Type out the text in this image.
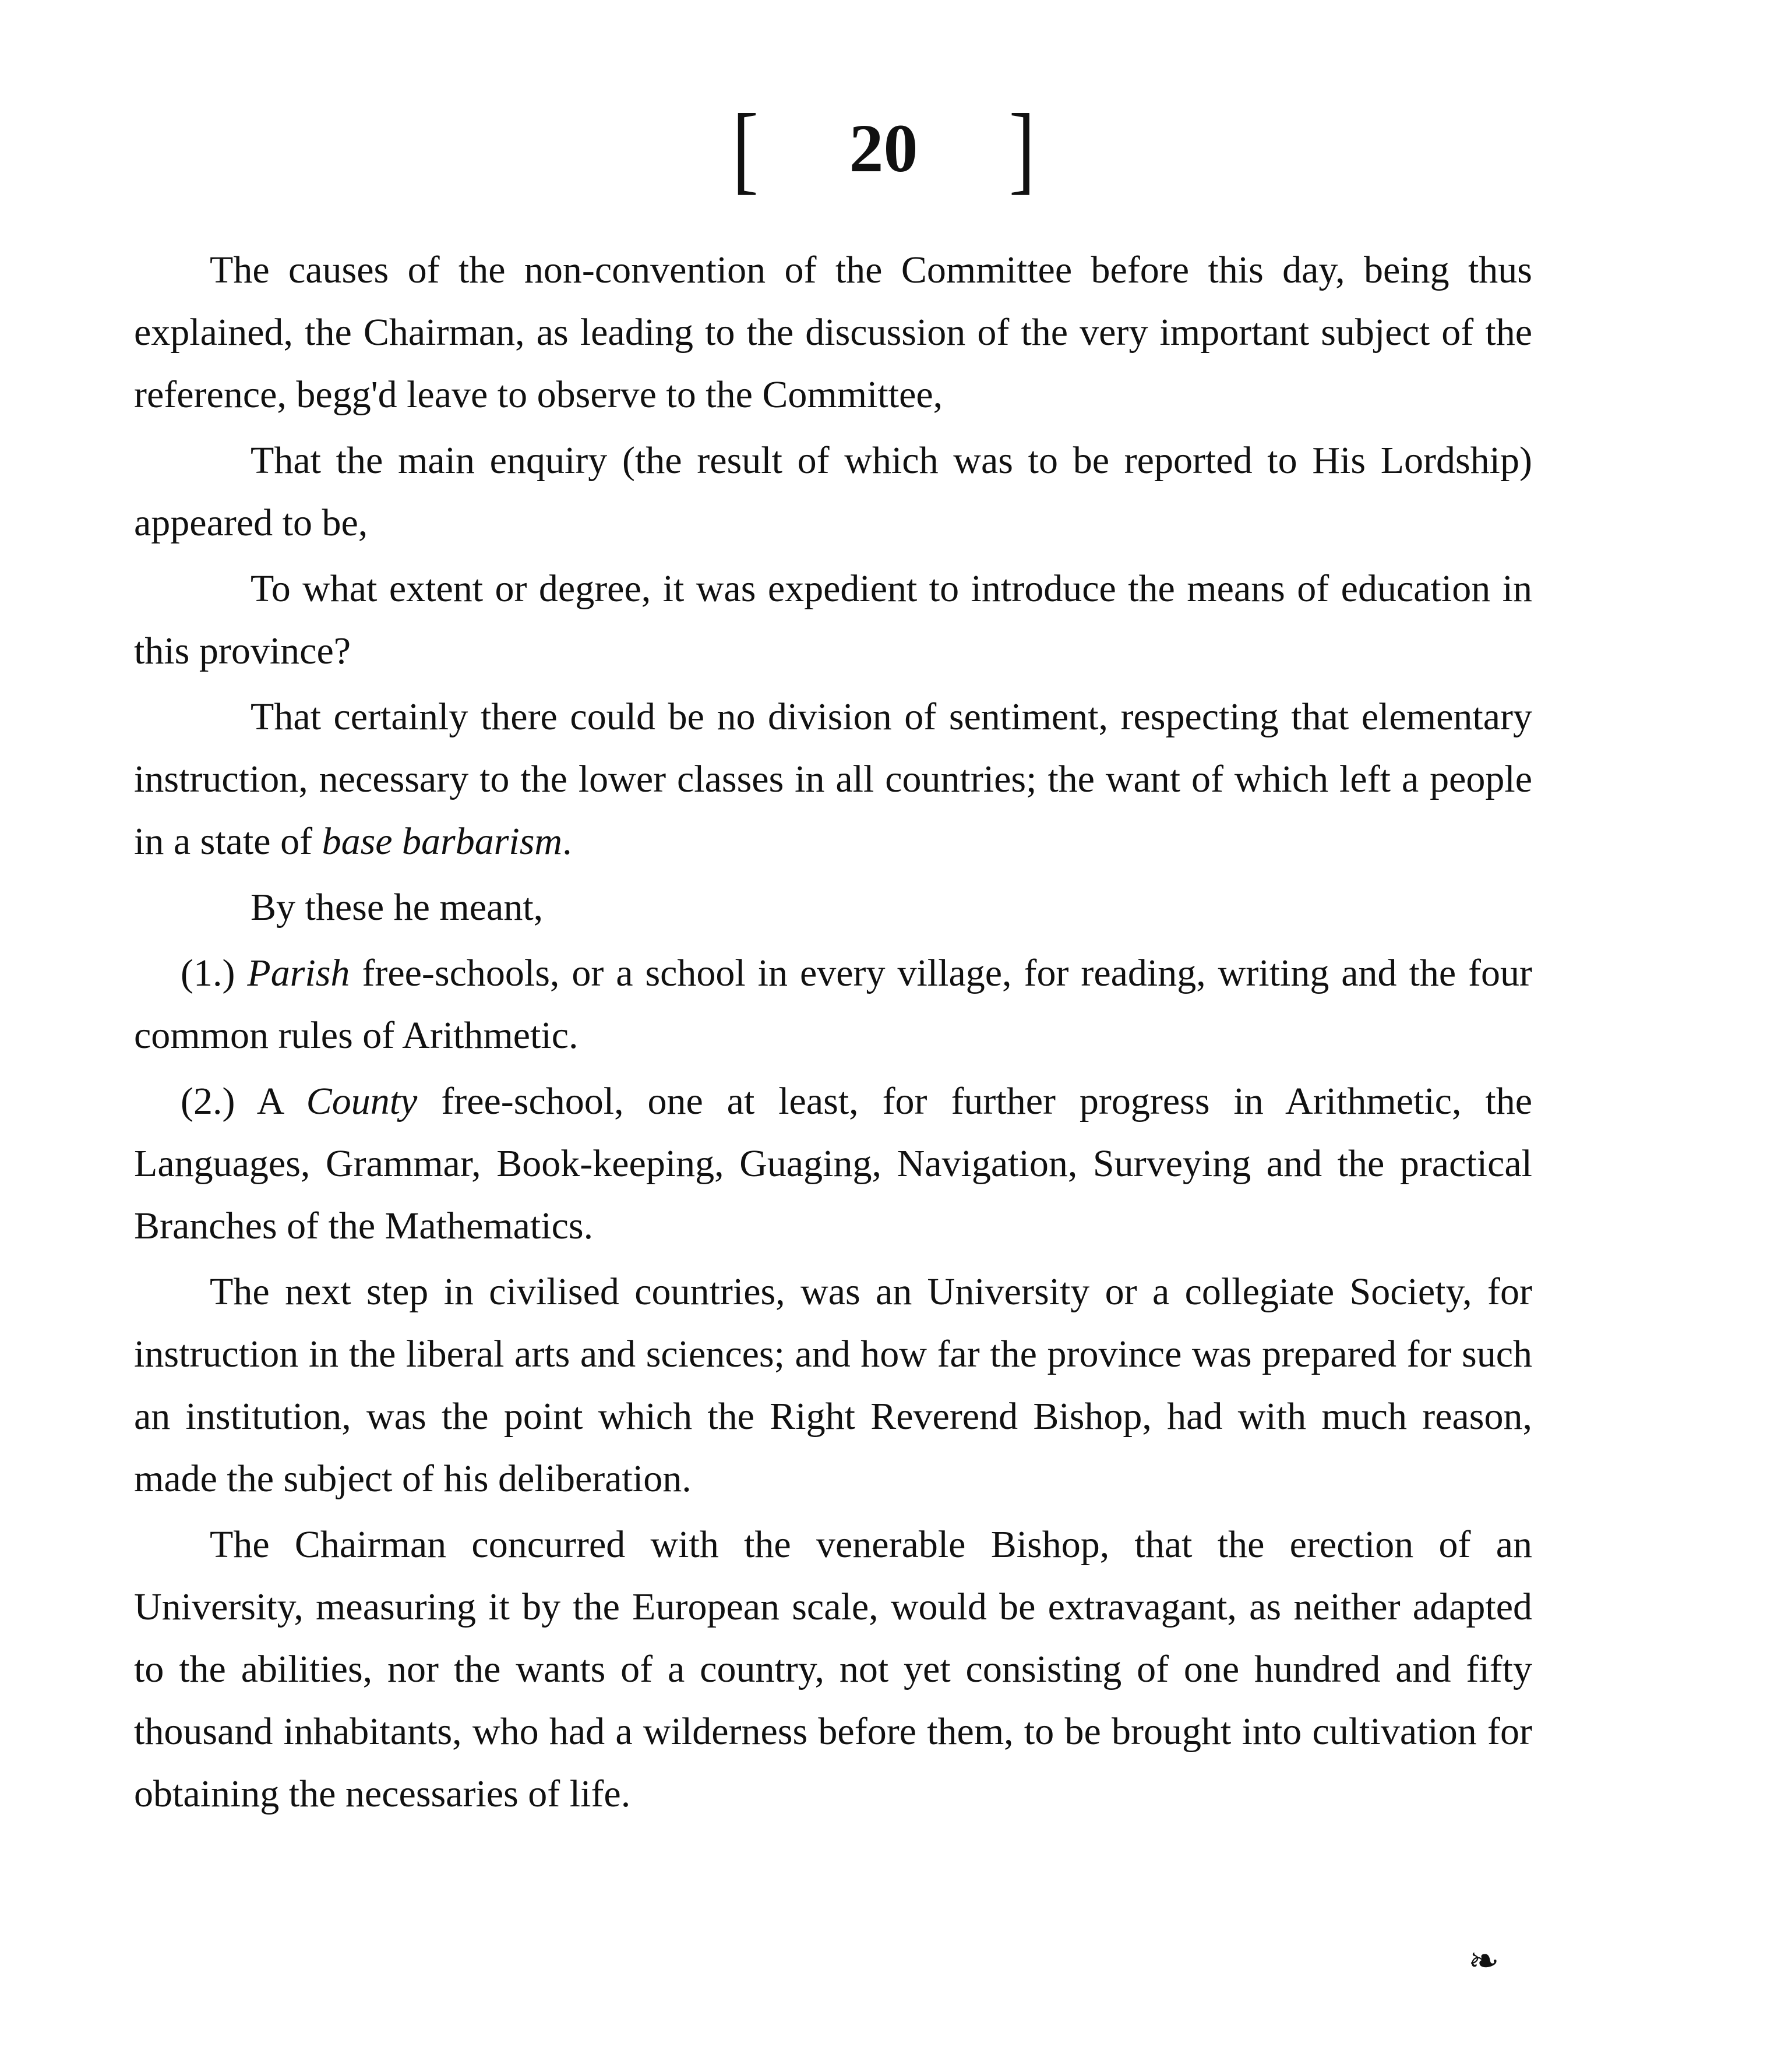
[ 20 ]

The causes of the non-convention of the Committee before this day, being thus explained, the Chairman, as leading to the discussion of the very important subject of the reference, begg'd leave to observe to the Committee,

That the main enquiry (the result of which was to be reported to His Lordship) appeared to be,

To what extent or degree, it was expedient to introduce the means of education in this province?

That certainly there could be no division of sentiment, respecting that elementary instruction, necessary to the lower classes in all countries; the want of which left a people in a state of base barbarism.

By these he meant,

(1.) Parish free-schools, or a school in every village, for reading, writing and the four common rules of Arithmetic.

(2.) A County free-school, one at least, for further progress in Arithmetic, the Languages, Grammar, Book-keeping, Guaging, Navigation, Surveying and the practical Branches of the Mathematics.

The next step in civilised countries, was an University or a collegiate Society, for instruction in the liberal arts and sciences; and how far the province was prepared for such an institution, was the point which the Right Reverend Bishop, had with much reason, made the subject of his deliberation.

The Chairman concurred with the venerable Bishop, that the erection of an University, measuring it by the European scale, would be extravagant, as neither adapted to the abilities, nor the wants of a country, not yet consisting of one hundred and fifty thousand inhabitants, who had a wilderness before them, to be brought into cultivation for obtaining the necessaries of life.

❧
